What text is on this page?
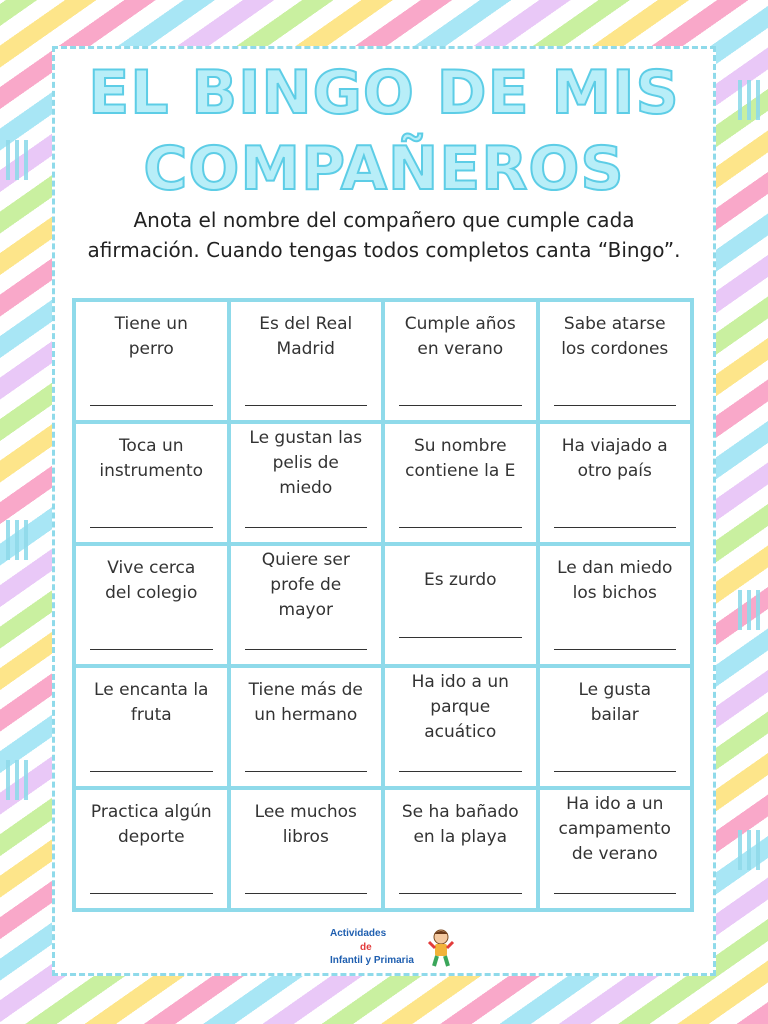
EL BINGO DE MIS
COMPAÑEROS
Anota el nombre del compañero que cumple cada
afirmación. Cuando tengas todos completos canta “Bingo”.
Tiene un
perro
Es del Real
Madrid
Cumple años
en verano
Sabe atarse
los cordones
Toca un
instrumento
Le gustan las
pelis de
miedo
Su nombre
contiene la E
Ha viajado a
otro país
Vive cerca
del colegio
Quiere ser
profe de
mayor
Es zurdo
Le dan miedo
los bichos
Le encanta la
fruta
Tiene más de
un hermano
Ha ido a un
parque
acuático
Le gusta
bailar
Practica algún
deporte
Lee muchos
libros
Se ha bañado
en la playa
Ha ido a un
campamento
de verano
Actividades
de
Infantil y Primaria
